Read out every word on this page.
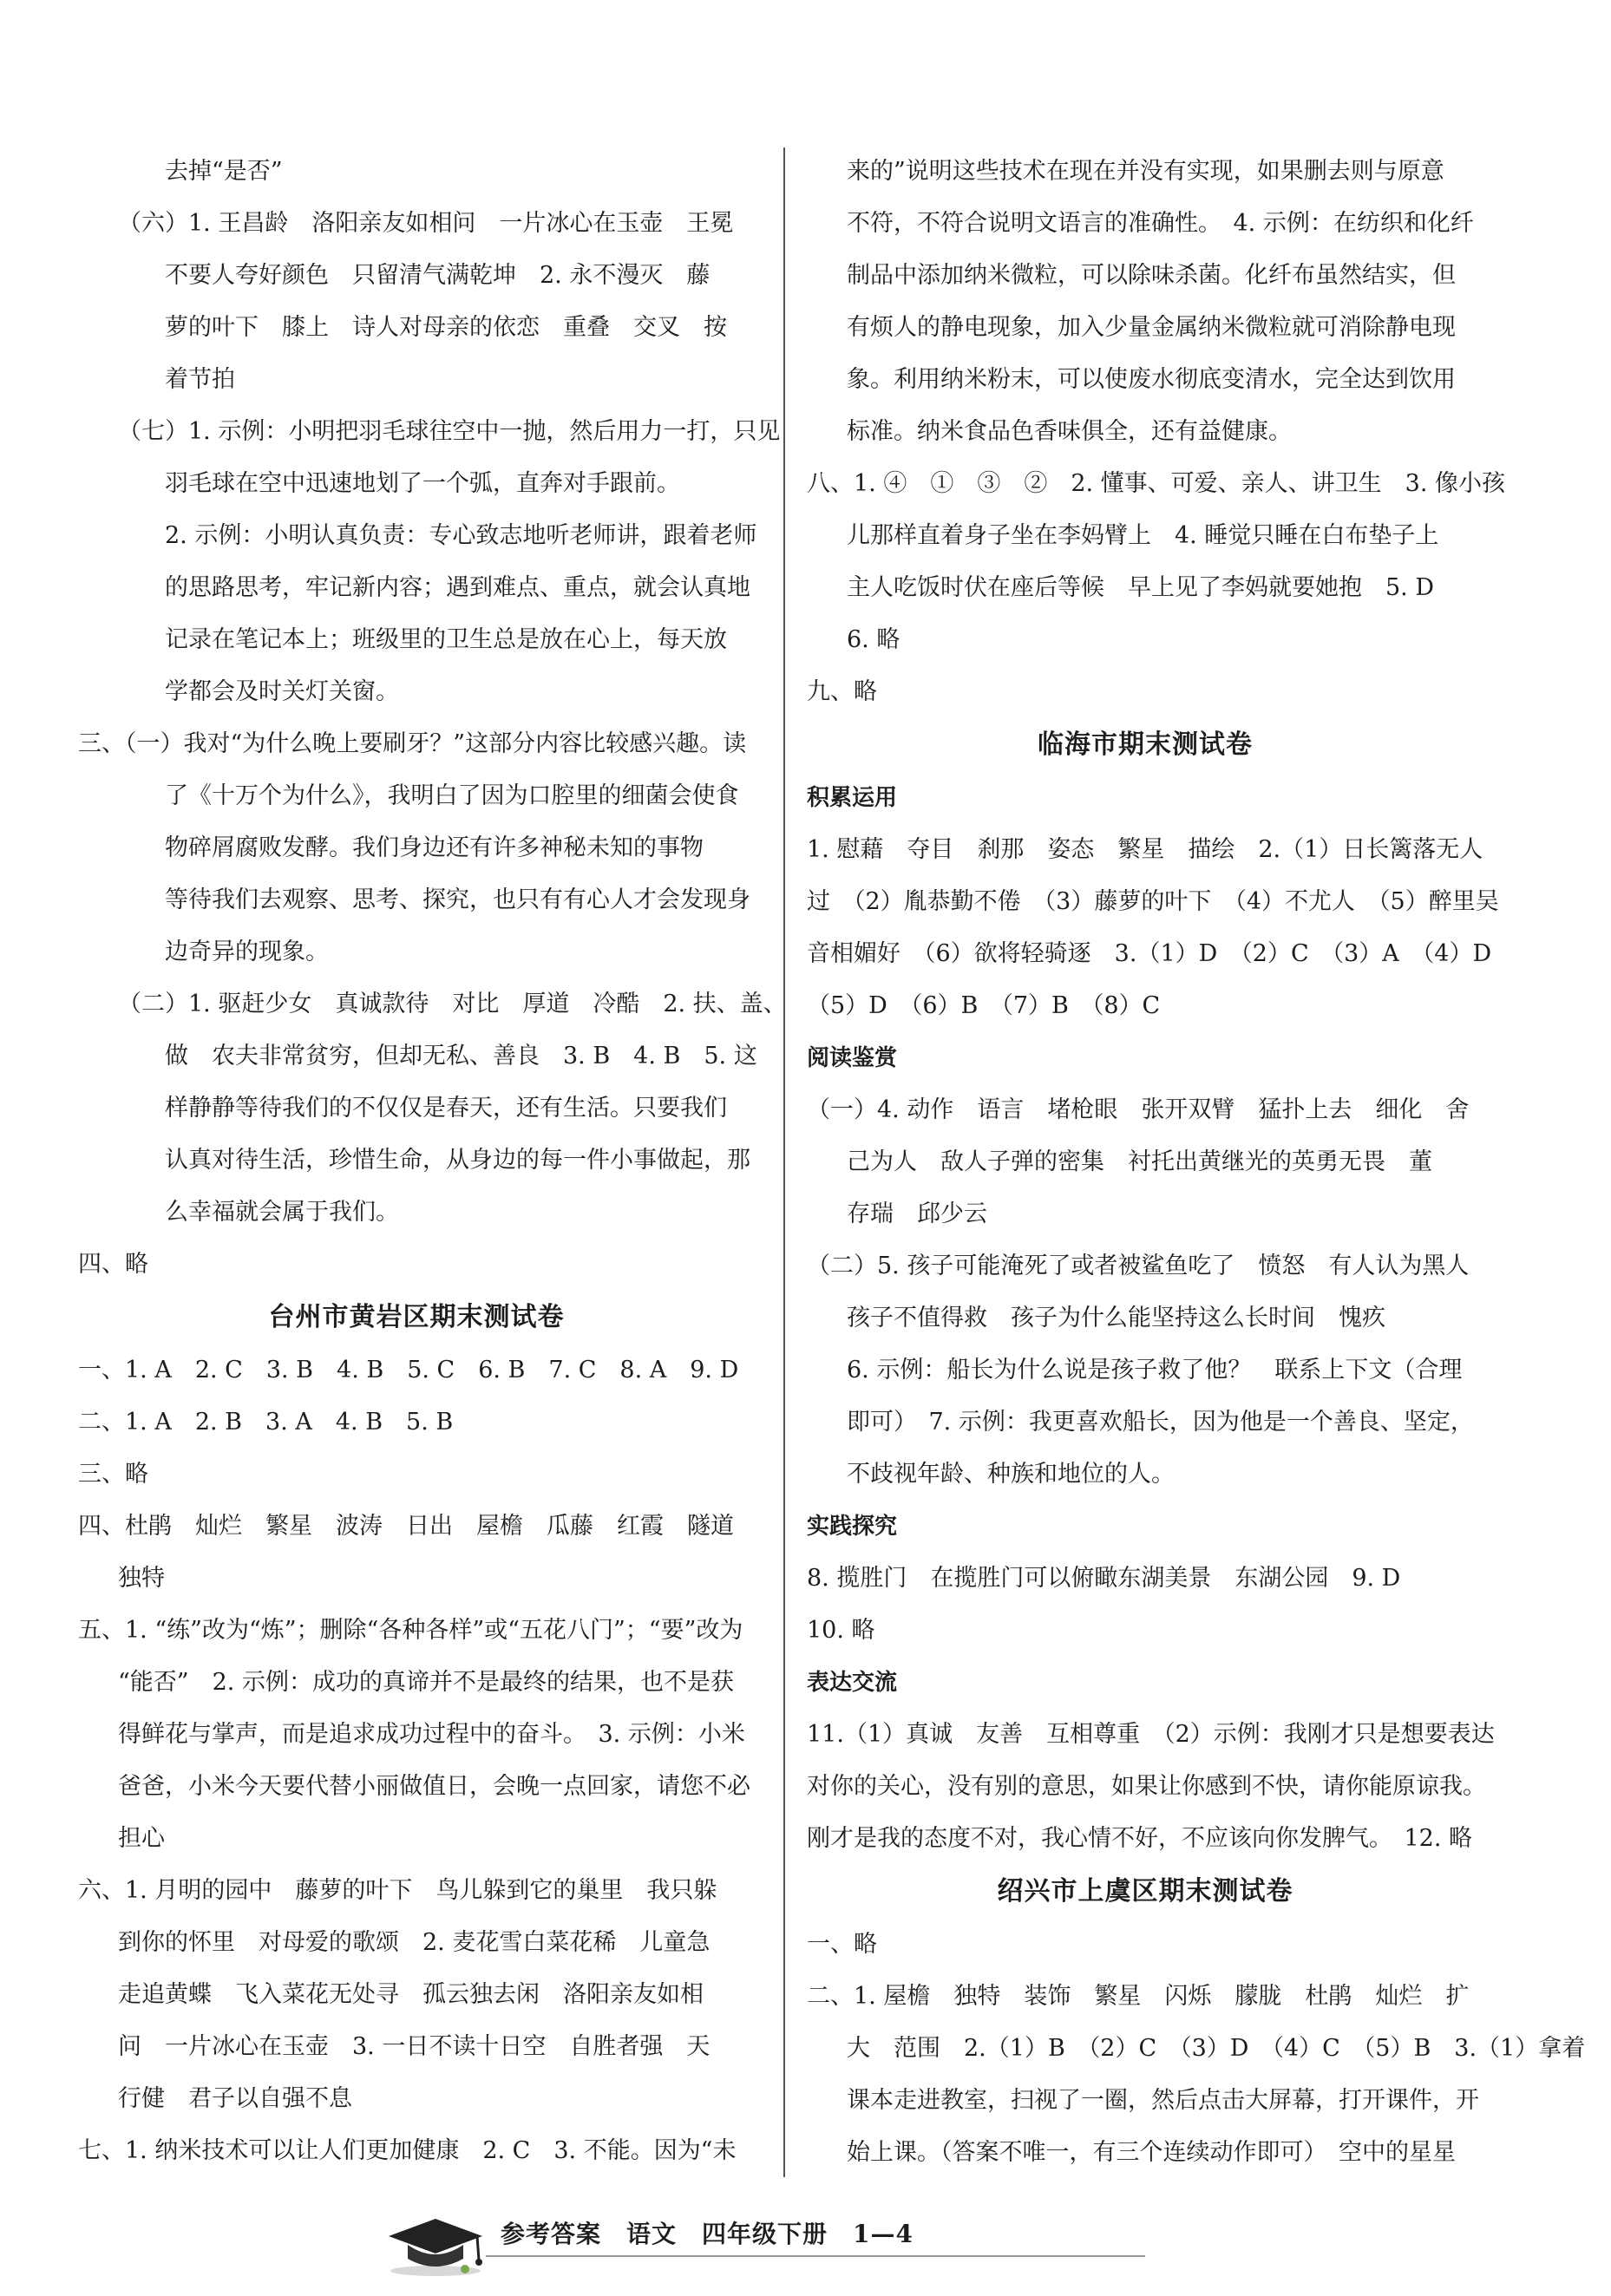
去掉“是否”
（六）1. 王昌龄　洛阳亲友如相问　一片冰心在玉壶　王冕
不要人夸好颜色　只留清气满乾坤　2. 永不漫灭　藤
萝的叶下　膝上　诗人对母亲的依恋　重叠　交叉　按
着节拍
（七）1. 示例：小明把羽毛球往空中一抛，然后用力一打，只见
羽毛球在空中迅速地划了一个弧，直奔对手跟前。
2. 示例：小明认真负责：专心致志地听老师讲，跟着老师
的思路思考，牢记新内容；遇到难点、重点，就会认真地
记录在笔记本上；班级里的卫生总是放在心上，每天放
学都会及时关灯关窗。
三、（一）我对“为什么晚上要刷牙？”这部分内容比较感兴趣。读
了《十万个为什么》，我明白了因为口腔里的细菌会使食
物碎屑腐败发酵。我们身边还有许多神秘未知的事物
等待我们去观察、思考、探究，也只有有心人才会发现身
边奇异的现象。
（二）1. 驱赶少女　真诚款待　对比　厚道　冷酷　2. 扶、盖、
做　农夫非常贫穷，但却无私、善良　3. B　4. B　5. 这
样静静等待我们的不仅仅是春天，还有生活。只要我们
认真对待生活，珍惜生命，从身边的每一件小事做起，那
么幸福就会属于我们。
四、略
台州市黄岩区期末测试卷
一、1. A　2. C　3. B　4. B　5. C　6. B　7. C　8. A　9. D
二、1. A　2. B　3. A　4. B　5. B
三、略
四、杜鹃　灿烂　繁星　波涛　日出　屋檐　瓜藤　红霞　隧道
独特
五、1. “练”改为“炼”；删除“各种各样”或“五花八门”；“要”改为
“能否”　2. 示例：成功的真谛并不是最终的结果，也不是获
得鲜花与掌声，而是追求成功过程中的奋斗。　3. 示例：小米
爸爸，小米今天要代替小丽做值日，会晚一点回家，请您不必
担心
六、1. 月明的园中　藤萝的叶下　鸟儿躲到它的巢里　我只躲
到你的怀里　对母爱的歌颂　2. 麦花雪白菜花稀　儿童急
走追黄蝶　飞入菜花无处寻　孤云独去闲　洛阳亲友如相
问　一片冰心在玉壶　3. 一日不读十日空　自胜者强　天
行健　君子以自强不息
七、1. 纳米技术可以让人们更加健康　2. C　3. 不能。因为“未
来的”说明这些技术在现在并没有实现，如果删去则与原意
不符，不符合说明文语言的准确性。　4. 示例：在纺织和化纤
制品中添加纳米微粒，可以除味杀菌。化纤布虽然结实，但
有烦人的静电现象，加入少量金属纳米微粒就可消除静电现
象。利用纳米粉末，可以使废水彻底变清水，完全达到饮用
标准。纳米食品色香味俱全，还有益健康。
八、1. ④　①　③　②　2. 懂事、可爱、亲人、讲卫生　3. 像小孩
儿那样直着身子坐在李妈臂上　4. 睡觉只睡在白布垫子上
主人吃饭时伏在座后等候　早上见了李妈就要她抱　5. D
6. 略
九、略
临海市期末测试卷
积累运用
1. 慰藉　夺目　刹那　姿态　繁星　描绘　2.（1）日长篱落无人
过　（2）胤恭勤不倦　（3）藤萝的叶下　（4）不尤人　（5）醉里吴
音相媚好　（6）欲将轻骑逐　3.（1）D　（2）C　（3）A　（4）D
（5）D　（6）B　（7）B　（8）C
阅读鉴赏
（一）4. 动作　语言　堵枪眼　张开双臂　猛扑上去　细化　舍
己为人　敌人子弹的密集　衬托出黄继光的英勇无畏　董
存瑞　邱少云
（二）5. 孩子可能淹死了或者被鲨鱼吃了　愤怒　有人认为黑人
孩子不值得救　孩子为什么能坚持这么长时间　愧疚
6. 示例：船长为什么说是孩子救了他？　联系上下文（合理
即可）　7. 示例：我更喜欢船长，因为他是一个善良、坚定，
不歧视年龄、种族和地位的人。
实践探究
8. 揽胜门　在揽胜门可以俯瞰东湖美景　东湖公园　9. D
10. 略
表达交流
11.（1）真诚　友善　互相尊重　（2）示例：我刚才只是想要表达
对你的关心，没有别的意思，如果让你感到不快，请你能原谅我。
刚才是我的态度不对，我心情不好，不应该向你发脾气。　12. 略
绍兴市上虞区期末测试卷
一、略
二、1. 屋檐　独特　装饰　繁星　闪烁　朦胧　杜鹃　灿烂　扩
大　范围　2.（1）B　（2）C　（3）D　（4）C　（5）B　3.（1）拿着
课本走进教室，扫视了一圈，然后点击大屏幕，打开课件，开
始上课。（答案不唯一，有三个连续动作即可）　空中的星星
参考答案　语文　四年级下册　1—4
